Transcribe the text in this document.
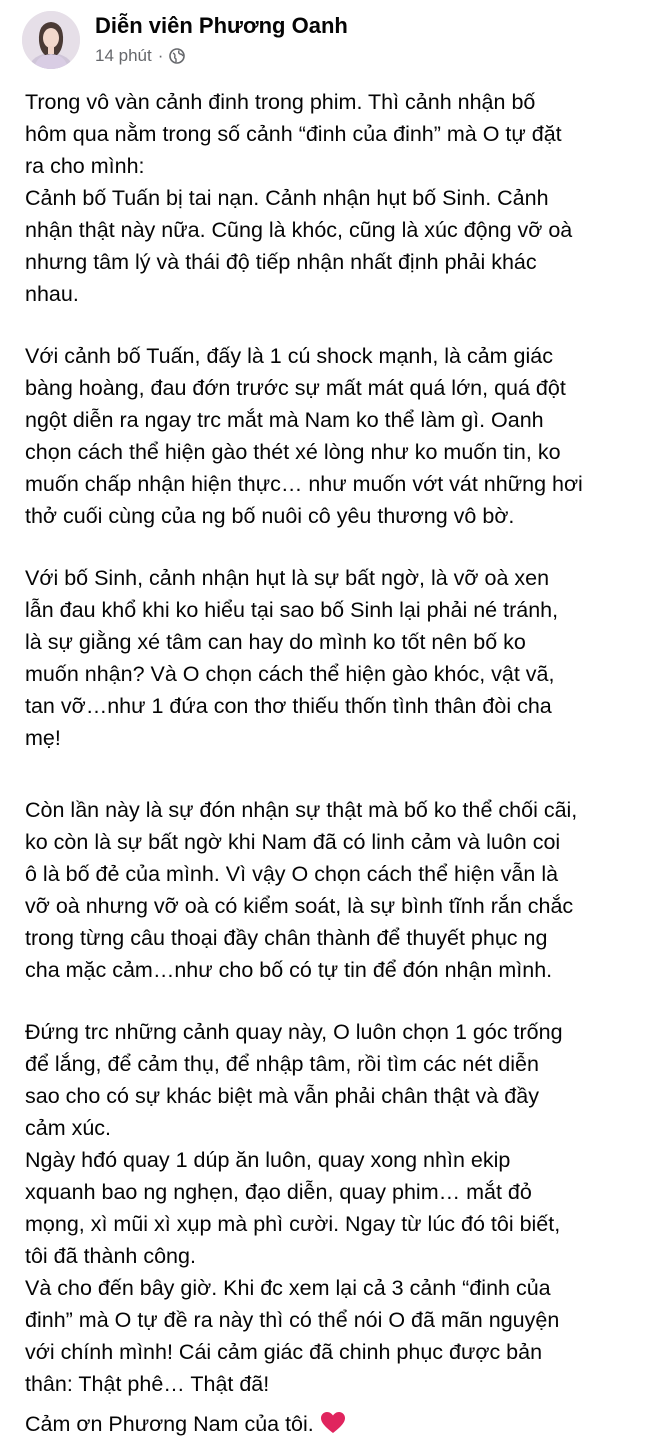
Diễn viên Phương Oanh
14 phút ·

Trong vô vàn cảnh đinh trong phim. Thì cảnh nhận bố
hôm qua nằm trong số cảnh “đinh của đinh” mà O tự đặt
ra cho mình:
Cảnh bố Tuấn bị tai nạn. Cảnh nhận hụt bố Sinh. Cảnh
nhận thật này nữa. Cũng là khóc, cũng là xúc động vỡ oà
nhưng tâm lý và thái độ tiếp nhận nhất định phải khác
nhau.

Với cảnh bố Tuấn, đấy là 1 cú shock mạnh, là cảm giác
bàng hoàng, đau đớn trước sự mất mát quá lớn, quá đột
ngột diễn ra ngay trc mắt mà Nam ko thể làm gì. Oanh
chọn cách thể hiện gào thét xé lòng như ko muốn tin, ko
muốn chấp nhận hiện thực… như muốn vớt vát những hơi
thở cuối cùng của ng bố nuôi cô yêu thương vô bờ.

Với bố Sinh, cảnh nhận hụt là sự bất ngờ, là vỡ oà xen
lẫn đau khổ khi ko hiểu tại sao bố Sinh lại phải né tránh,
là sự giằng xé tâm can hay do mình ko tốt nên bố ko
muốn nhận? Và O chọn cách thể hiện gào khóc, vật vã,
tan vỡ…như 1 đứa con thơ thiếu thốn tình thân đòi cha
mẹ!

Còn lần này là sự đón nhận sự thật mà bố ko thể chối cãi,
ko còn là sự bất ngờ khi Nam đã có linh cảm và luôn coi
ô là bố đẻ của mình. Vì vậy O chọn cách thể hiện vẫn là
vỡ oà nhưng vỡ oà có kiểm soát, là sự bình tĩnh rắn chắc
trong từng câu thoại đầy chân thành để thuyết phục ng
cha mặc cảm…như cho bố có tự tin để đón nhận mình.

Đứng trc những cảnh quay này, O luôn chọn 1 góc trống
để lắng, để cảm thụ, để nhập tâm, rồi tìm các nét diễn
sao cho có sự khác biệt mà vẫn phải chân thật và đầy
cảm xúc.
Ngày hđó quay 1 dúp ăn luôn, quay xong nhìn ekip
xquanh bao ng nghẹn, đạo diễn, quay phim… mắt đỏ
mọng, xì mũi xì xụp mà phì cười. Ngay từ lúc đó tôi biết,
tôi đã thành công.
Và cho đến bây giờ. Khi đc xem lại cả 3 cảnh “đinh của
đinh” mà O tự đề ra này thì có thể nói O đã mãn nguyện
với chính mình! Cái cảm giác đã chinh phục được bản
thân: Thật phê… Thật đã!

Cảm ơn Phương Nam của tôi.
